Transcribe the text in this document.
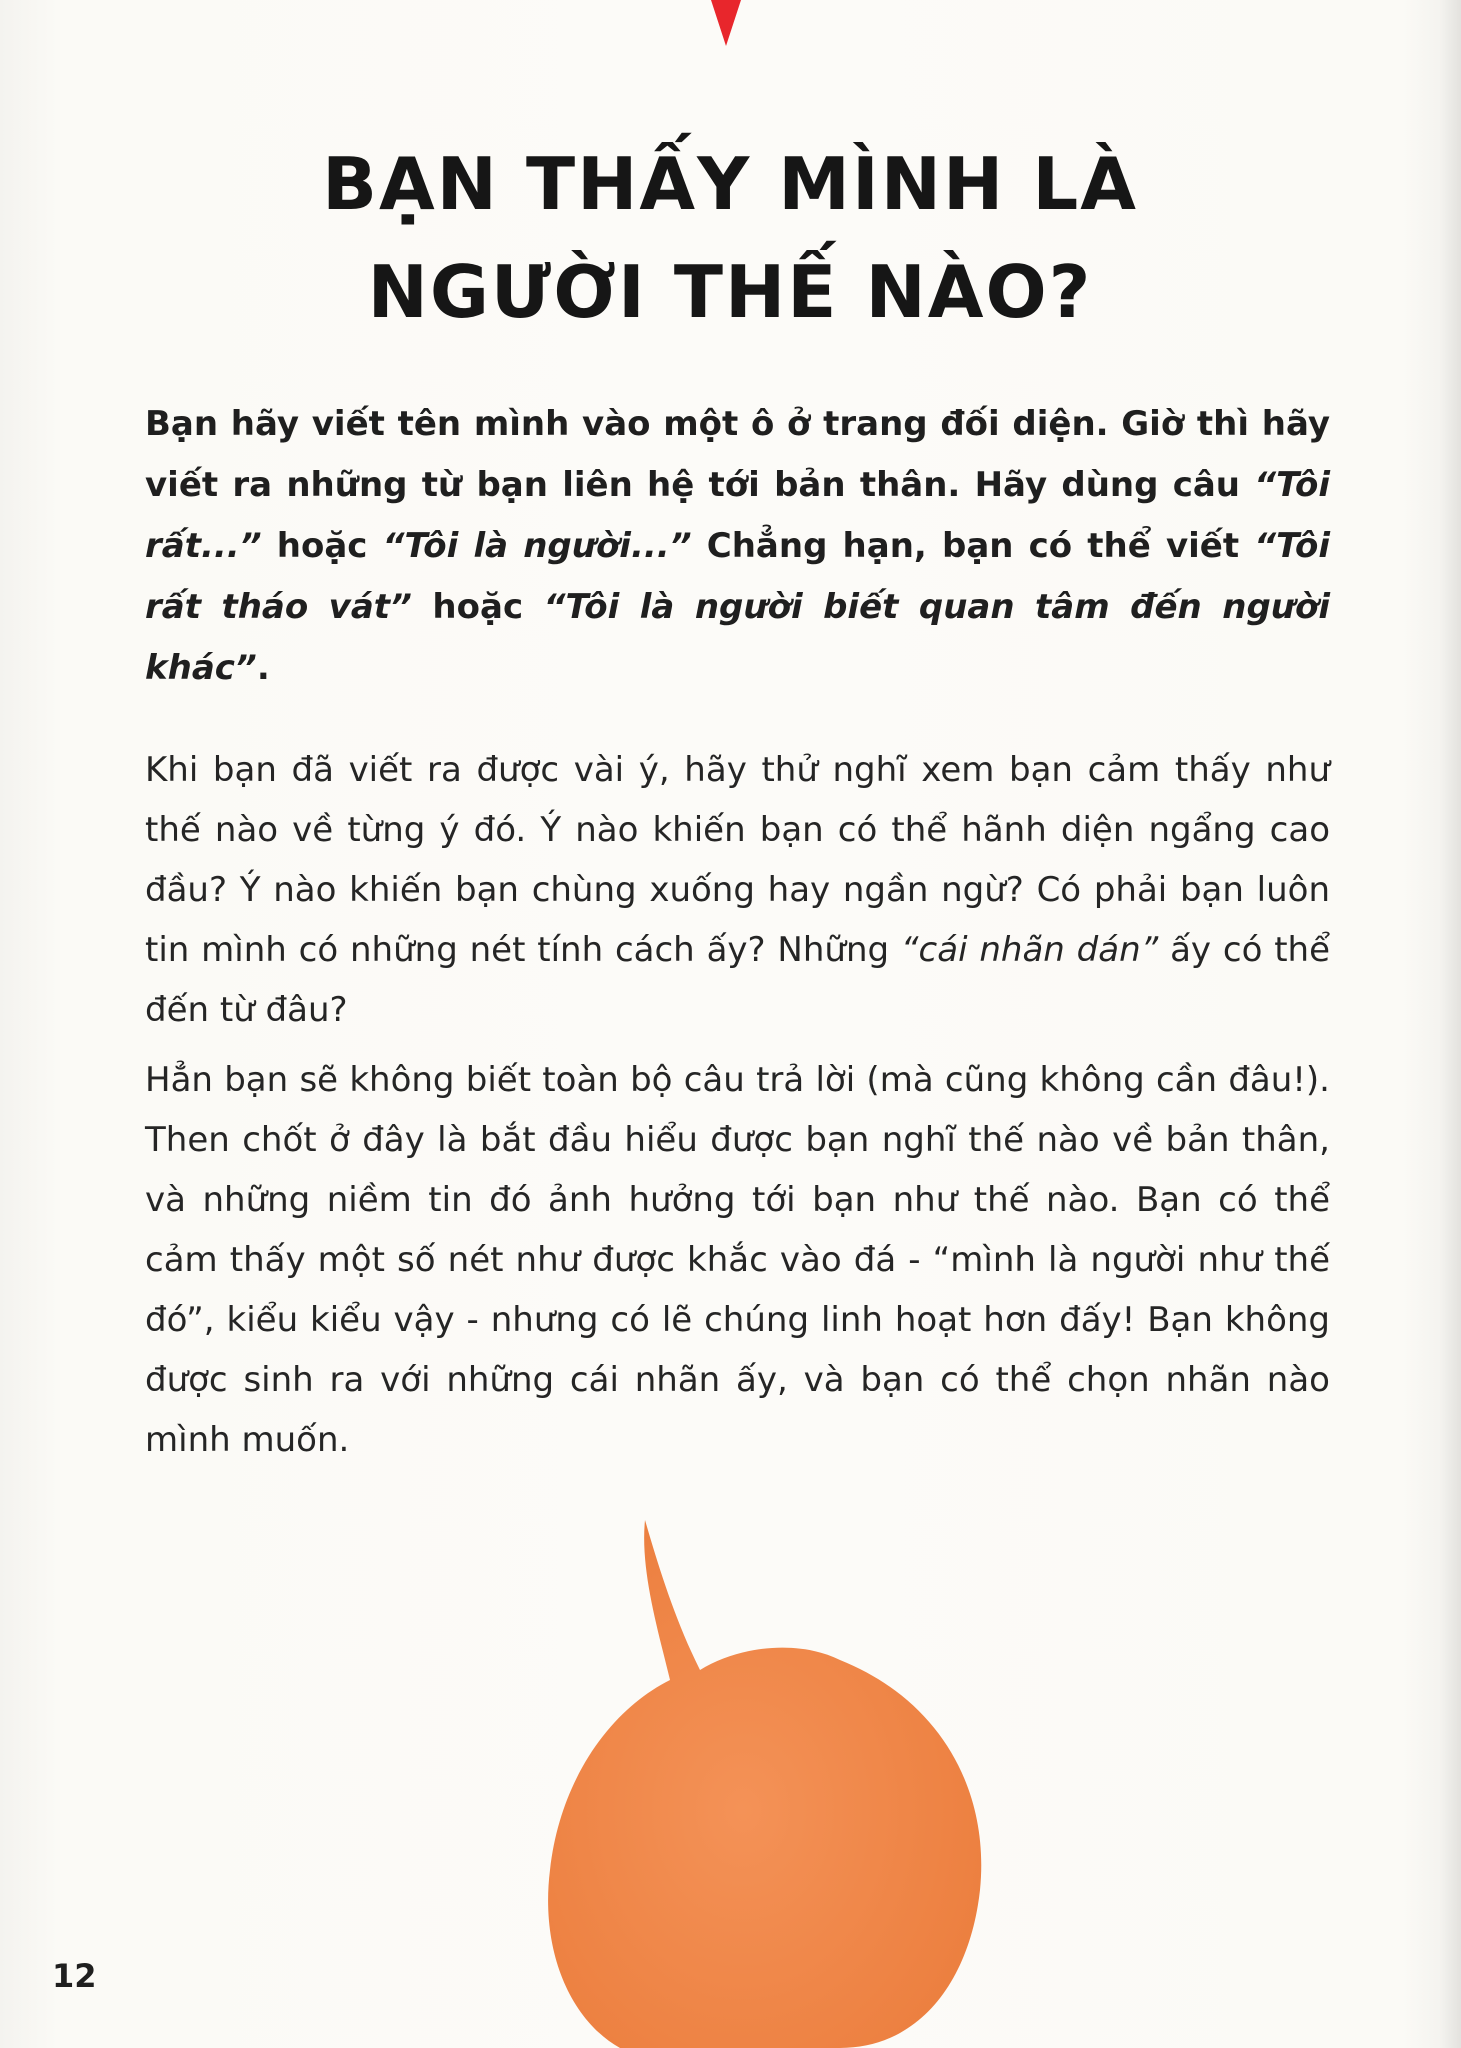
BẠN THẤY MÌNH LÀ
NGƯỜI THẾ NÀO?

Bạn hãy viết tên mình vào một ô ở trang đối diện. Giờ thì hãy viết ra những từ bạn liên hệ tới bản thân. Hãy dùng câu “Tôi rất...” hoặc “Tôi là người...” Chẳng hạn, bạn có thể viết “Tôi rất tháo vát” hoặc “Tôi là người biết quan tâm đến người khác”.

Khi bạn đã viết ra được vài ý, hãy thử nghĩ xem bạn cảm thấy như thế nào về từng ý đó. Ý nào khiến bạn có thể hãnh diện ngẩng cao đầu? Ý nào khiến bạn chùng xuống hay ngần ngừ? Có phải bạn luôn tin mình có những nét tính cách ấy? Những “cái nhãn dán” ấy có thể đến từ đâu?

Hẳn bạn sẽ không biết toàn bộ câu trả lời (mà cũng không cần đâu!). Then chốt ở đây là bắt đầu hiểu được bạn nghĩ thế nào về bản thân, và những niềm tin đó ảnh hưởng tới bạn như thế nào. Bạn có thể cảm thấy một số nét như được khắc vào đá - “mình là người như thế đó”, kiểu kiểu vậy - nhưng có lẽ chúng linh hoạt hơn đấy! Bạn không được sinh ra với những cái nhãn ấy, và bạn có thể chọn nhãn nào mình muốn.

12
